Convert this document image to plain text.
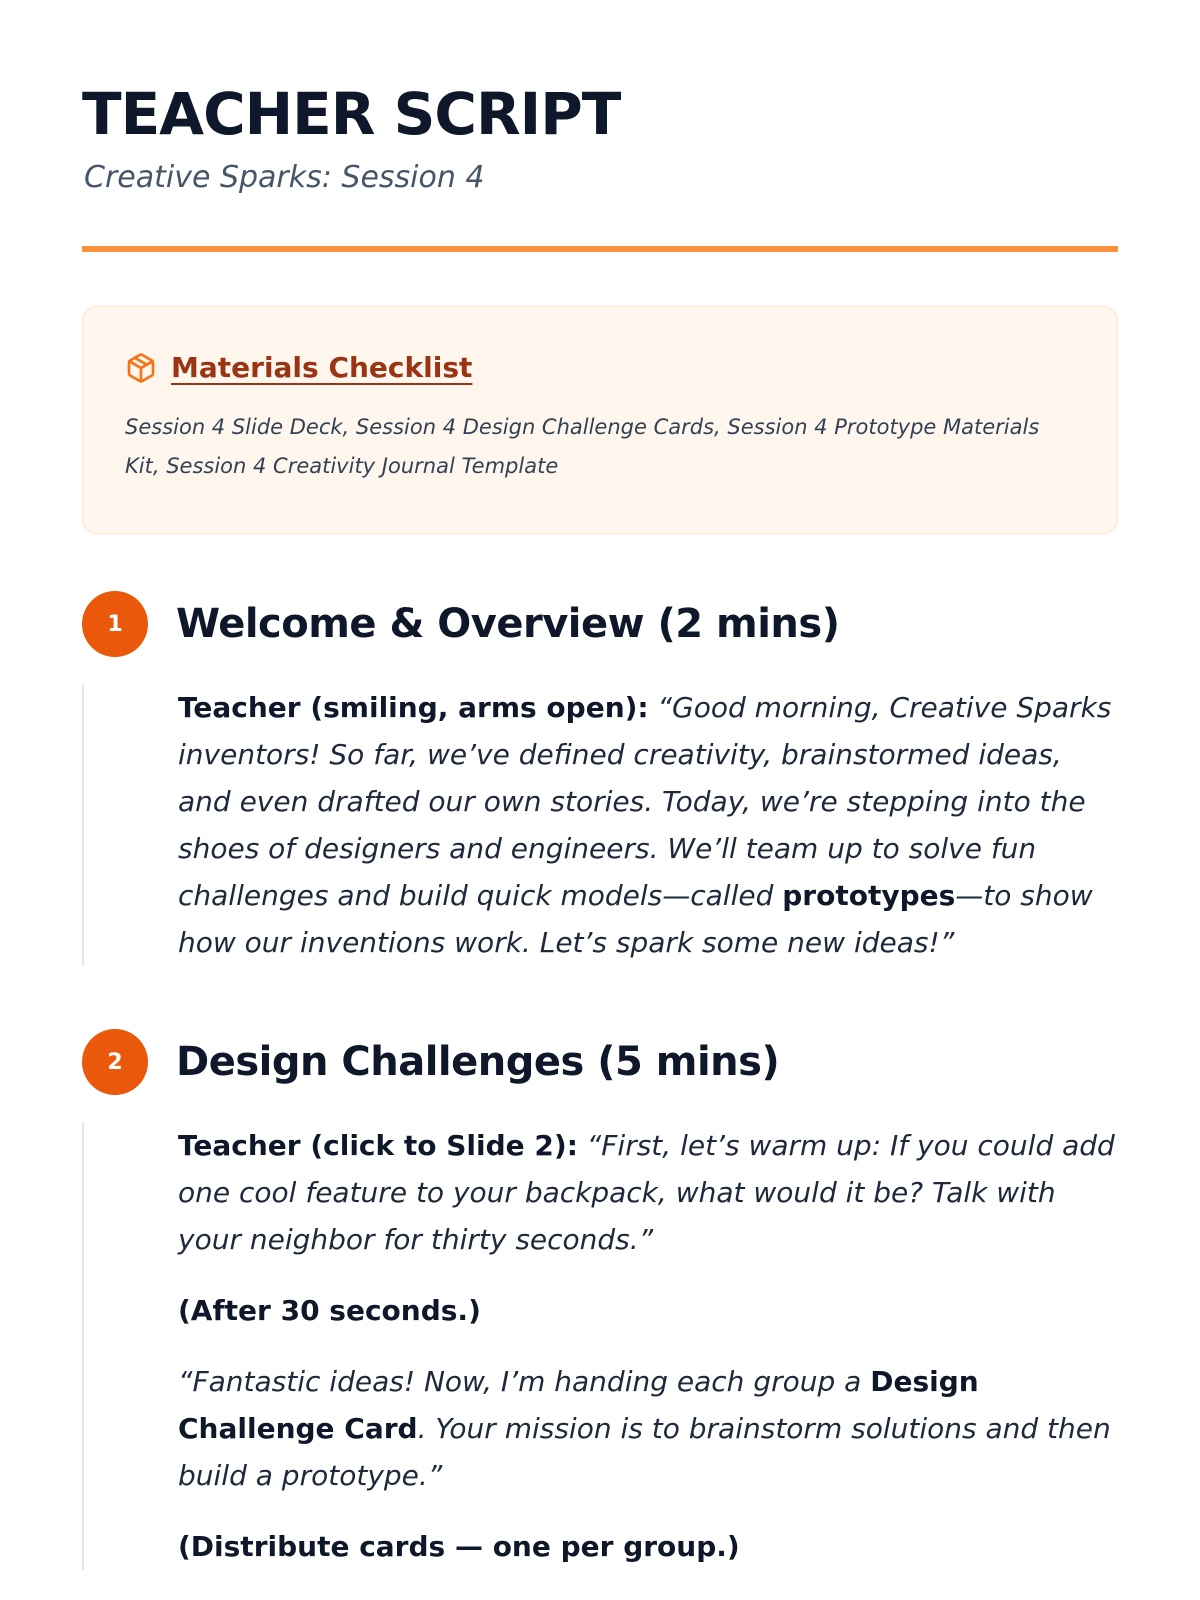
TEACHER SCRIPT
Creative Sparks: Session 4
Materials Checklist
Session 4 Slide Deck, Session 4 Design Challenge Cards, Session 4 Prototype Materials Kit, Session 4 Creativity Journal Template
1	Welcome & Overview (2 mins)

Teacher (smiling, arms open): “Good morning, Creative Sparks inventors! So far, we’ve defined creativity, brainstormed ideas, and even drafted our own stories. Today, we’re stepping into the shoes of designers and engineers. We’ll team up to solve fun challenges and build quick models—called prototypes—to show how our inventions work. Let’s spark some new ideas!”

2	Design Challenges (5 mins)

Teacher (click to Slide 2): “First, let’s warm up: If you could add one cool feature to your backpack, what would it be? Talk with your neighbor for thirty seconds.”

(After 30 seconds.)

“Fantastic ideas! Now, I’m handing each group a Design Challenge Card. Your mission is to brainstorm solutions and then build a prototype.”

(Distribute cards — one per group.)
